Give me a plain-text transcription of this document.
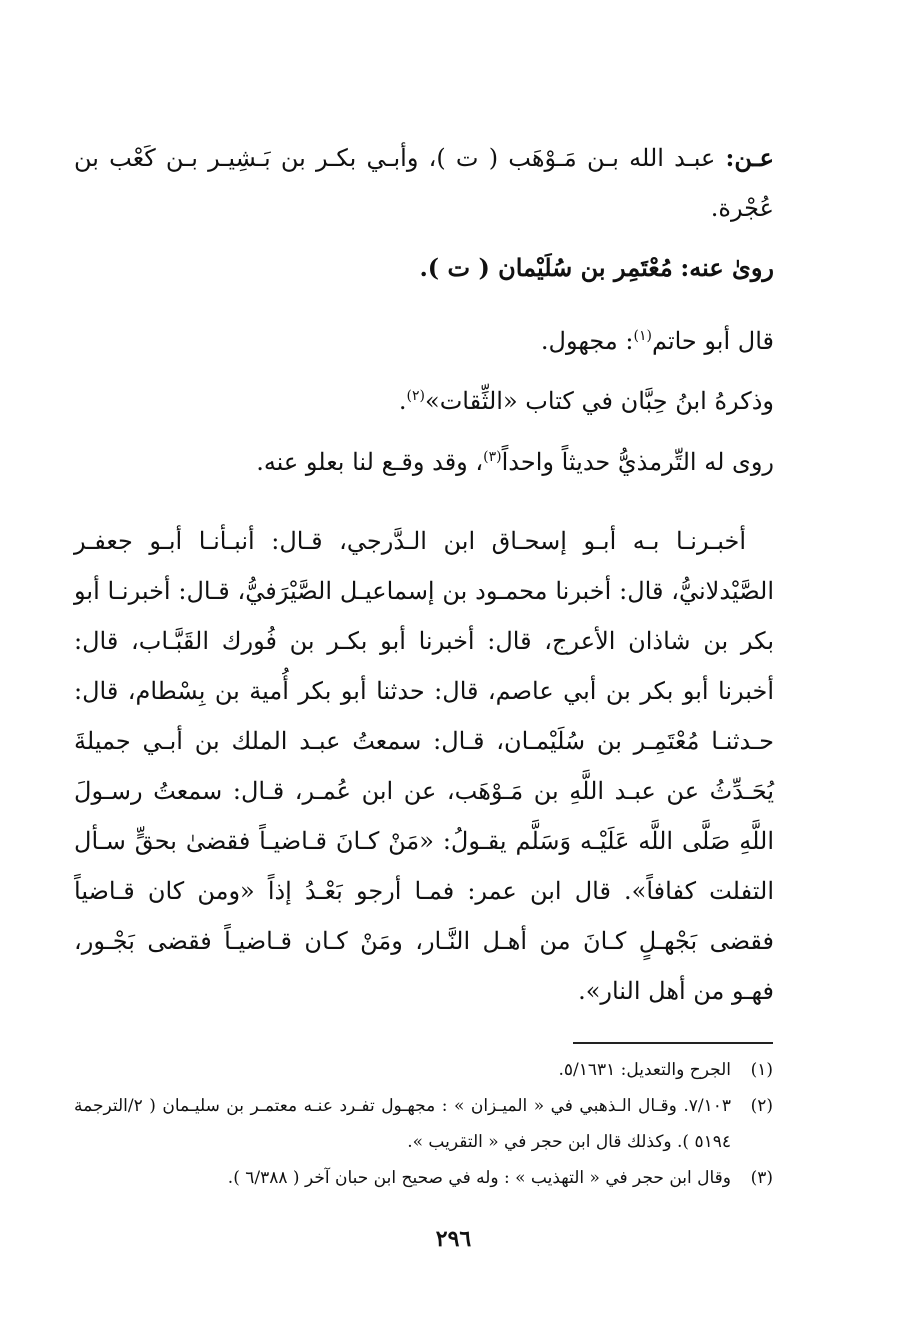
عـن: عبـد الله بـن مَـوْهَب ( ت )، وأبـي بكـر بن بَـشِيـر بـن كَعْب بن عُجْرة.
روىٰ عنه: مُعْتَمِر بن سُلَيْمان ( ت ).
قال أبو حاتم$^{(١)}$: مجهول.
وذكرهُ ابنُ حِبَّان في كتاب «الثِّقات»$^{(٢)}$.
روى له التِّرمذيُّ حديثاً واحداً$^{(٣)}$، وقد وقـع لنا بعلو عنه.

أخبـرنـا بـه أبـو إسحـاق ابن الـدَّرجي، قـال: أنبـأنـا أبـو جعفـر الصَّيْدلانيُّ، قال: أخبرنا محمـود بن إسماعيـل الصَّيْرَفيُّ، قـال: أخبرنـا أبو بكر بن شاذان الأعرج، قال: أخبرنا أبو بكـر بن فُورك القَبَّـاب، قال: أخبرنا أبو بكر بن أبي عاصم، قال: حدثنا أبو بكر أُمية بن بِسْطام، قال: حـدثنـا مُعْتَمِـر بن سُلَيْمـان، قـال: سمعتُ عبـد الملك بن أبـي جميلةَ يُحَـدِّثُ عن عبـد اللَّهِ بن مَـوْهَب، عن ابن عُمـر، قـال: سمعتُ رسـولَ اللَّهِ صَلَّى اللَّه عَلَيْـه وَسَلَّم يقـولُ: «مَنْ كـانَ قـاضيـاً فقضىٰ بحقٍّ سـأل التفلت كفافاً». قال ابن عمر: فمـا أرجو بَعْـدُ إذاً «ومن كان قـاضياً فقضى بَجْهـلٍ كـانَ من أهـل النَّـار، ومَنْ كـان قـاضيـاً فقضى بَجْـور، فهـو من أهل النار».

(١)
الجرح والتعديل: ٥/١٦٣١.
(٢)
٧/١٠٣. وقـال الـذهبي في « الميـزان » : مجهـول تفـرد عنـه معتمـر بن سليـمان ( ٢/الترجمة ٥١٩٤ ). وكذلك قال ابن حجر في « التقريب ».
(٣)
وقال ابن حجر في « التهذيب » : وله في صحيح ابن حبان آخر ( ٦/٣٨٨ ).
٢٩٦
